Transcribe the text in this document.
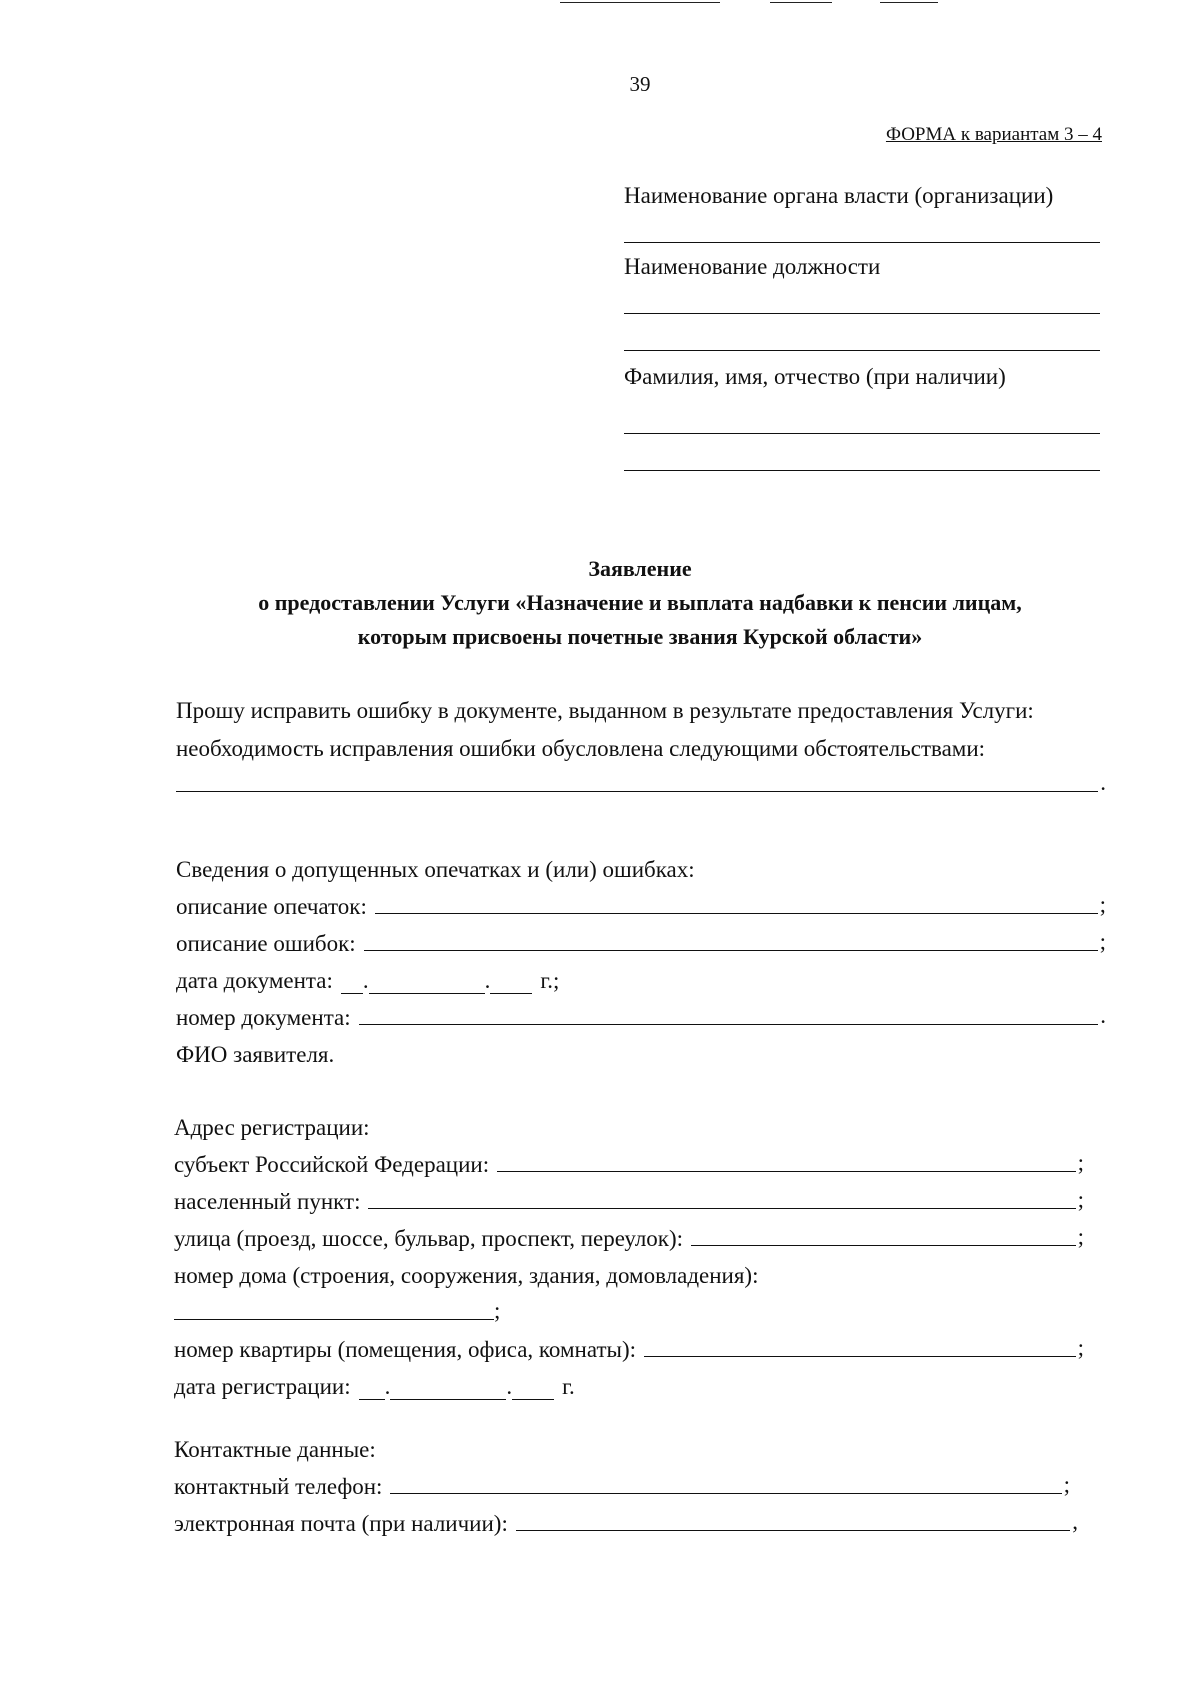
39
ФОРМА к вариантам 3 – 4
Наименование органа власти (организации)
Наименование должности
Фамилия, имя, отчество (при наличии)
Заявление
о предоставлении Услуги «Назначение и выплата надбавки к пенсии лицам,
которым присвоены почетные звания Курской области»
Прошу исправить ошибку в документе, выданном в результате предоставления Услуги:
необходимость исправления ошибки обусловлена следующими обстоятельствами:
.
Сведения о допущенных опечатках и (или) ошибках:
описание опечаток:	;
описание ошибок:	;
дата документа: .	. г.;
номер документа:	.
ФИО заявителя.
Адрес регистрации:
субъект Российской Федерации:	;
населенный пункт:	;
улица (проезд, шоссе, бульвар, проспект, переулок):	;
номер дома (строения, сооружения, здания, домовладения):
;
номер квартиры (помещения, офиса, комнаты):	;
дата регистрации: .	. г.
Контактные данные:
контактный телефон:	;
электронная почта (при наличии):	,
